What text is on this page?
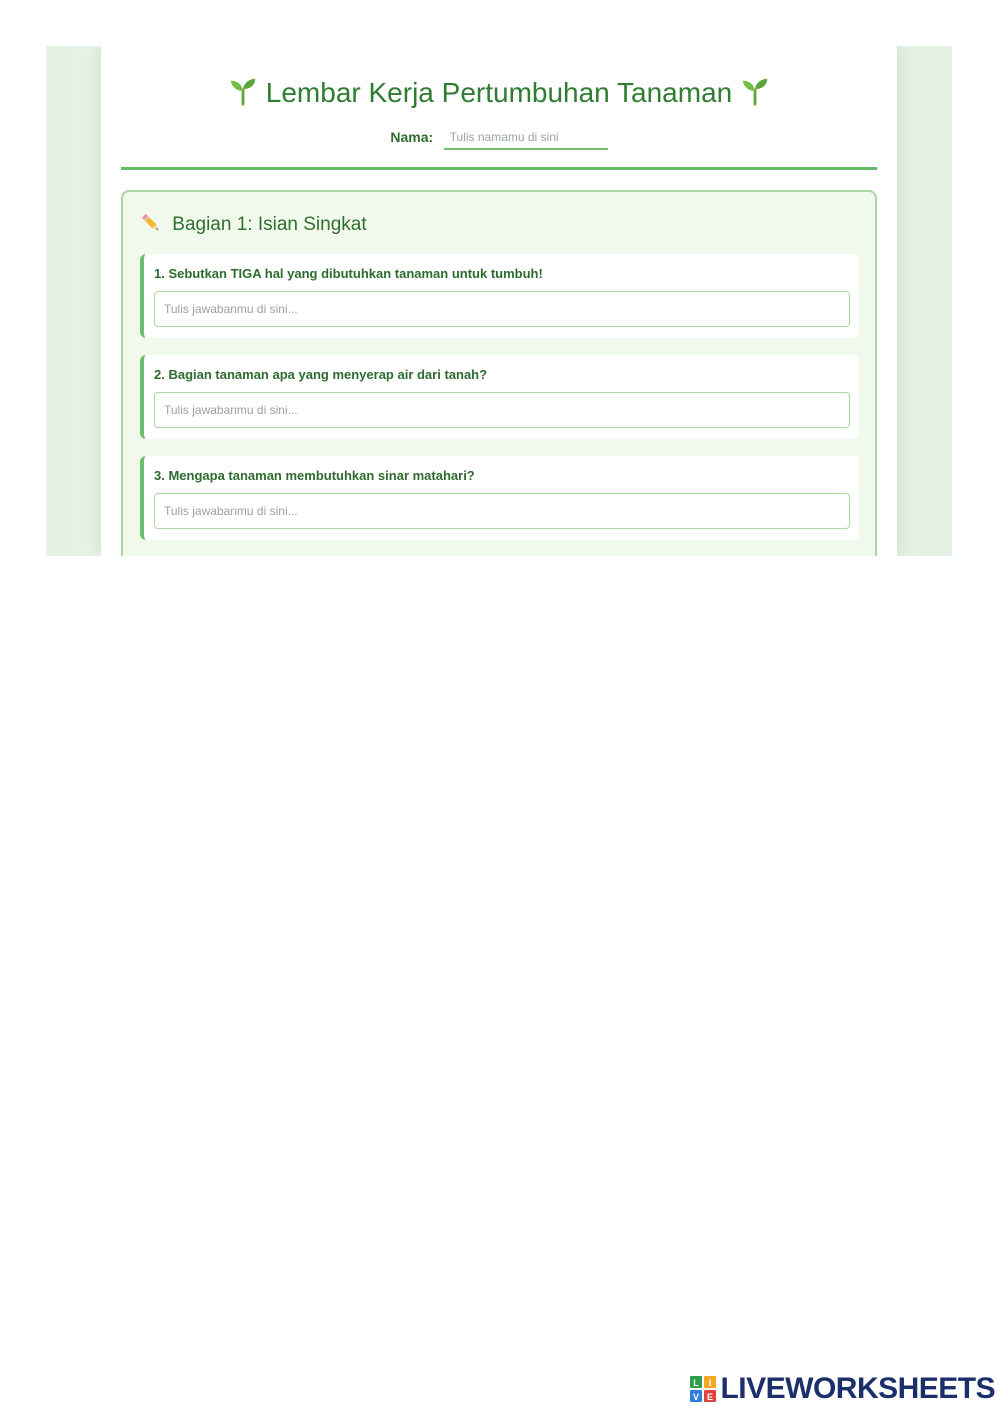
Lembar Kerja Pertumbuhan Tanaman
Nama: Tulis namamu di sini
Bagian 1: Isian Singkat
1. Sebutkan TIGA hal yang dibutuhkan tanaman untuk tumbuh!
Tulis jawabanmu di sini...
2. Bagian tanaman apa yang menyerap air dari tanah?
Tulis jawabanmu di sini...
3. Mengapa tanaman membutuhkan sinar matahari?
Tulis jawabanmu di sini...
L I
V E LIVEWORKSHEETS
